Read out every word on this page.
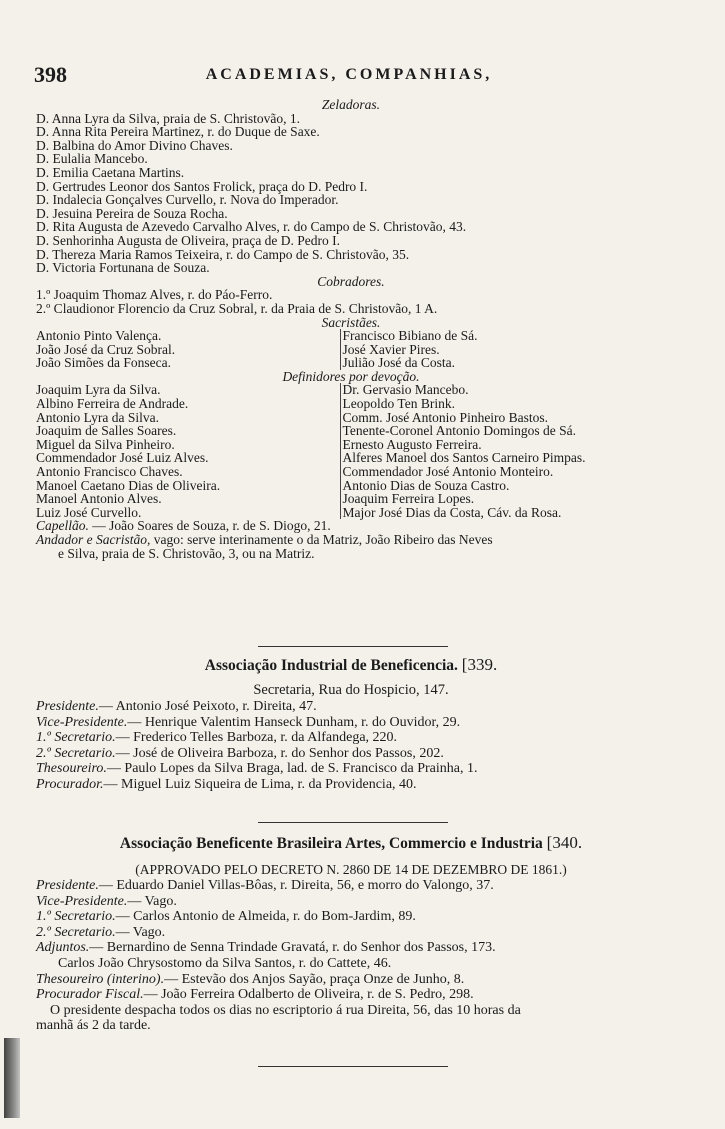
398	ACADEMIAS, COMPANHIAS,
Zeladoras.
D. Anna Lyra da Silva, praia de S. Christovão, 1.
D. Anna Rita Pereira Martinez, r. do Duque de Saxe.
D. Balbina do Amor Divino Chaves.
D. Eulalia Mancebo.
D. Emilia Caetana Martins.
D. Gertrudes Leonor dos Santos Frolick, praça do D. Pedro I.
D. Indalecia Gonçalves Curvello, r. Nova do Imperador.
D. Jesuina Pereira de Souza Rocha.
D. Rita Augusta de Azevedo Carvalho Alves, r. do Campo de S. Christovão, 43.
D. Senhorinha Augusta de Oliveira, praça de D. Pedro I.
D. Thereza Maria Ramos Teixeira, r. do Campo de S. Christovão, 35.
D. Victoria Fortunana de Souza.
Cobradores.
1.º Joaquim Thomaz Alves, r. do Páo-Ferro.
2.º Claudionor Florencio da Cruz Sobral, r. da Praia de S. Christovão, 1 A.
Sacristães.
Antonio Pinto Valença.
João José da Cruz Sobral.
João Simões da Fonseca.
Francisco Bibiano de Sá.
José Xavier Pires.
Julião José da Costa.
Definidores por devoção.
Joaquim Lyra da Silva.
Albino Ferreira de Andrade.
Antonio Lyra da Silva.
Joaquim de Salles Soares.
Miguel da Silva Pinheiro.
Commendador José Luiz Alves.
Antonio Francisco Chaves.
Manoel Caetano Dias de Oliveira.
Manoel Antonio Alves.
Luiz José Curvello.
Dr. Gervasio Mancebo.
Leopoldo Ten Brink.
Comm. José Antonio Pinheiro Bastos.
Tenente-Coronel Antonio Domingos de Sá.
Ernesto Augusto Ferreira.
Alferes Manoel dos Santos Carneiro Pimpas.
Commendador José Antonio Monteiro.
Antonio Dias de Souza Castro.
Joaquim Ferreira Lopes.
Major José Dias da Costa, Cáv. da Rosa.
Capellão. — João Soares de Souza, r. de S. Diogo, 21.
Andador e Sacristão, vago: serve interinamente o da Matriz, João Ribeiro das Neves
e Silva, praia de S. Christovão, 3, ou na Matriz.
Associação Industrial de Beneficencia. [339.
Secretaria, Rua do Hospicio, 147.
Presidente.— Antonio José Peixoto, r. Direita, 47.
Vice-Presidente.— Henrique Valentim Hanseck Dunham, r. do Ouvidor, 29.
1.º Secretario.— Frederico Telles Barboza, r. da Alfandega, 220.
2.º Secretario.— José de Oliveira Barboza, r. do Senhor dos Passos, 202.
Thesoureiro.— Paulo Lopes da Silva Braga, lad. de S. Francisco da Prainha, 1.
Procurador.— Miguel Luiz Siqueira de Lima, r. da Providencia, 40.
Associação Beneficente Brasileira Artes, Commercio e Industria [340.
(APPROVADO PELO DECRETO N. 2860 DE 14 DE DEZEMBRO DE 1861.)
Presidente.— Eduardo Daniel Villas-Bôas, r. Direita, 56, e morro do Valongo, 37.
Vice-Presidente.— Vago.
1.º Secretario.— Carlos Antonio de Almeida, r. do Bom-Jardim, 89.
2.º Secretario.— Vago.
Adjuntos.— Bernardino de Senna Trindade Gravatá, r. do Senhor dos Passos, 173.
Carlos João Chrysostomo da Silva Santos, r. do Cattete, 46.
Thesoureiro (interino).— Estevão dos Anjos Sayão, praça Onze de Junho, 8.
Procurador Fiscal.— João Ferreira Odalberto de Oliveira, r. de S. Pedro, 298.
O presidente despacha todos os dias no escriptorio á rua Direita, 56, das 10 horas da
manhã ás 2 da tarde.
